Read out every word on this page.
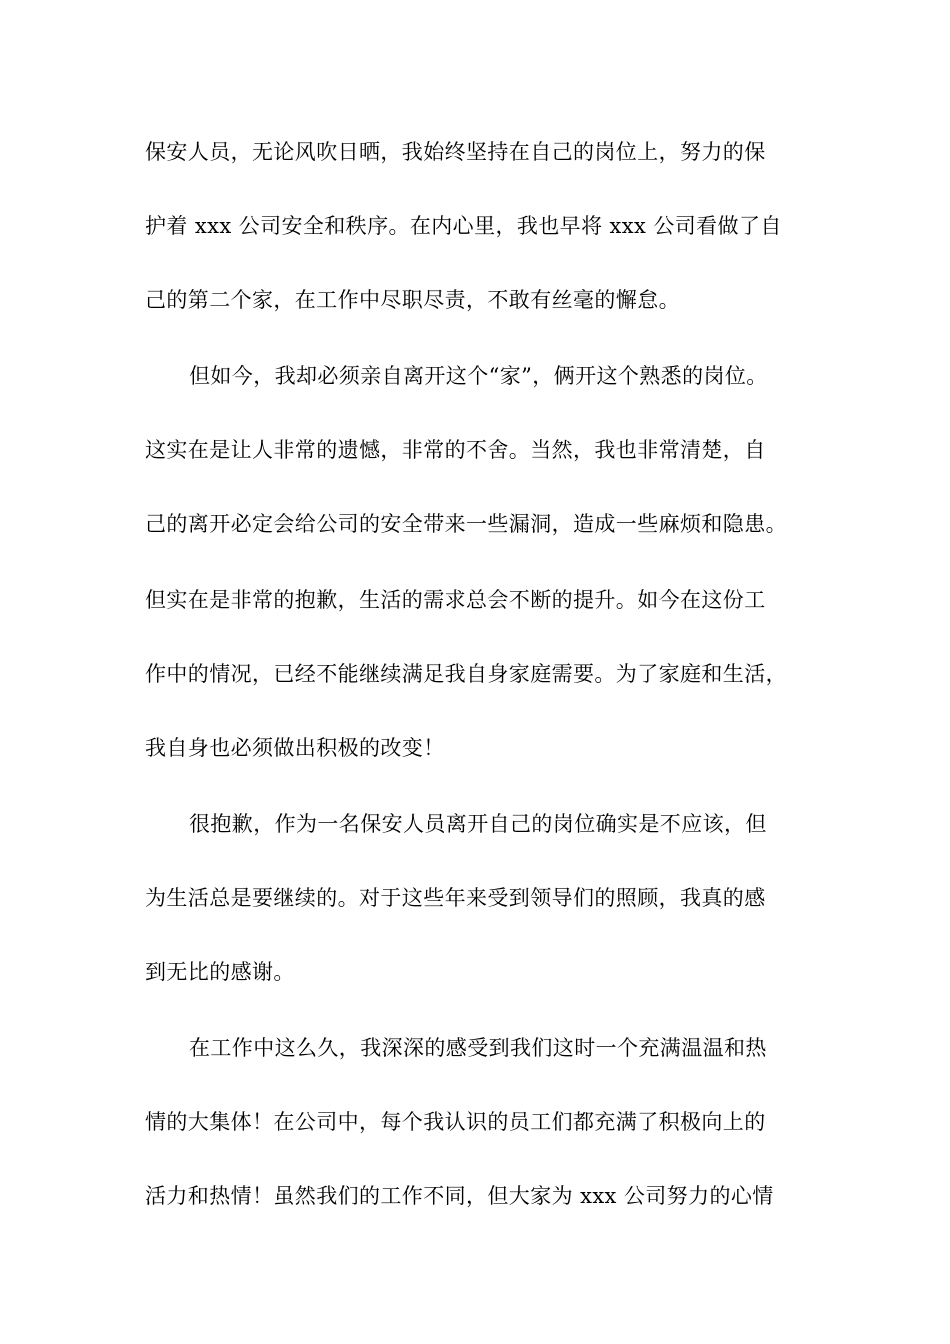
保安人员，无论风吹日晒，我始终坚持在自己的岗位上，努力的保
护着 xxx 公司安全和秩序。在内心里，我也早将 xxx 公司看做了自
己的第二个家，在工作中尽职尽责，不敢有丝毫的懈怠。
但如今，我却必须亲自离开这个“家”，俩开这个熟悉的岗位。
这实在是让人非常的遗憾，非常的不舍。当然，我也非常清楚，自
己的离开必定会给公司的安全带来一些漏洞，造成一些麻烦和隐患。
但实在是非常的抱歉，生活的需求总会不断的提升。如今在这份工
作中的情况，已经不能继续满足我自身家庭需要。为了家庭和生活，
我自身也必须做出积极的改变！
很抱歉，作为一名保安人员离开自己的岗位确实是不应该，但
为生活总是要继续的。对于这些年来受到领导们的照顾，我真的感
到无比的感谢。
在工作中这么久，我深深的感受到我们这时一个充满温温和热
情的大集体！在公司中，每个我认识的员工们都充满了积极向上的
活力和热情！虽然我们的工作不同，但大家为 xxx 公司努力的心情
